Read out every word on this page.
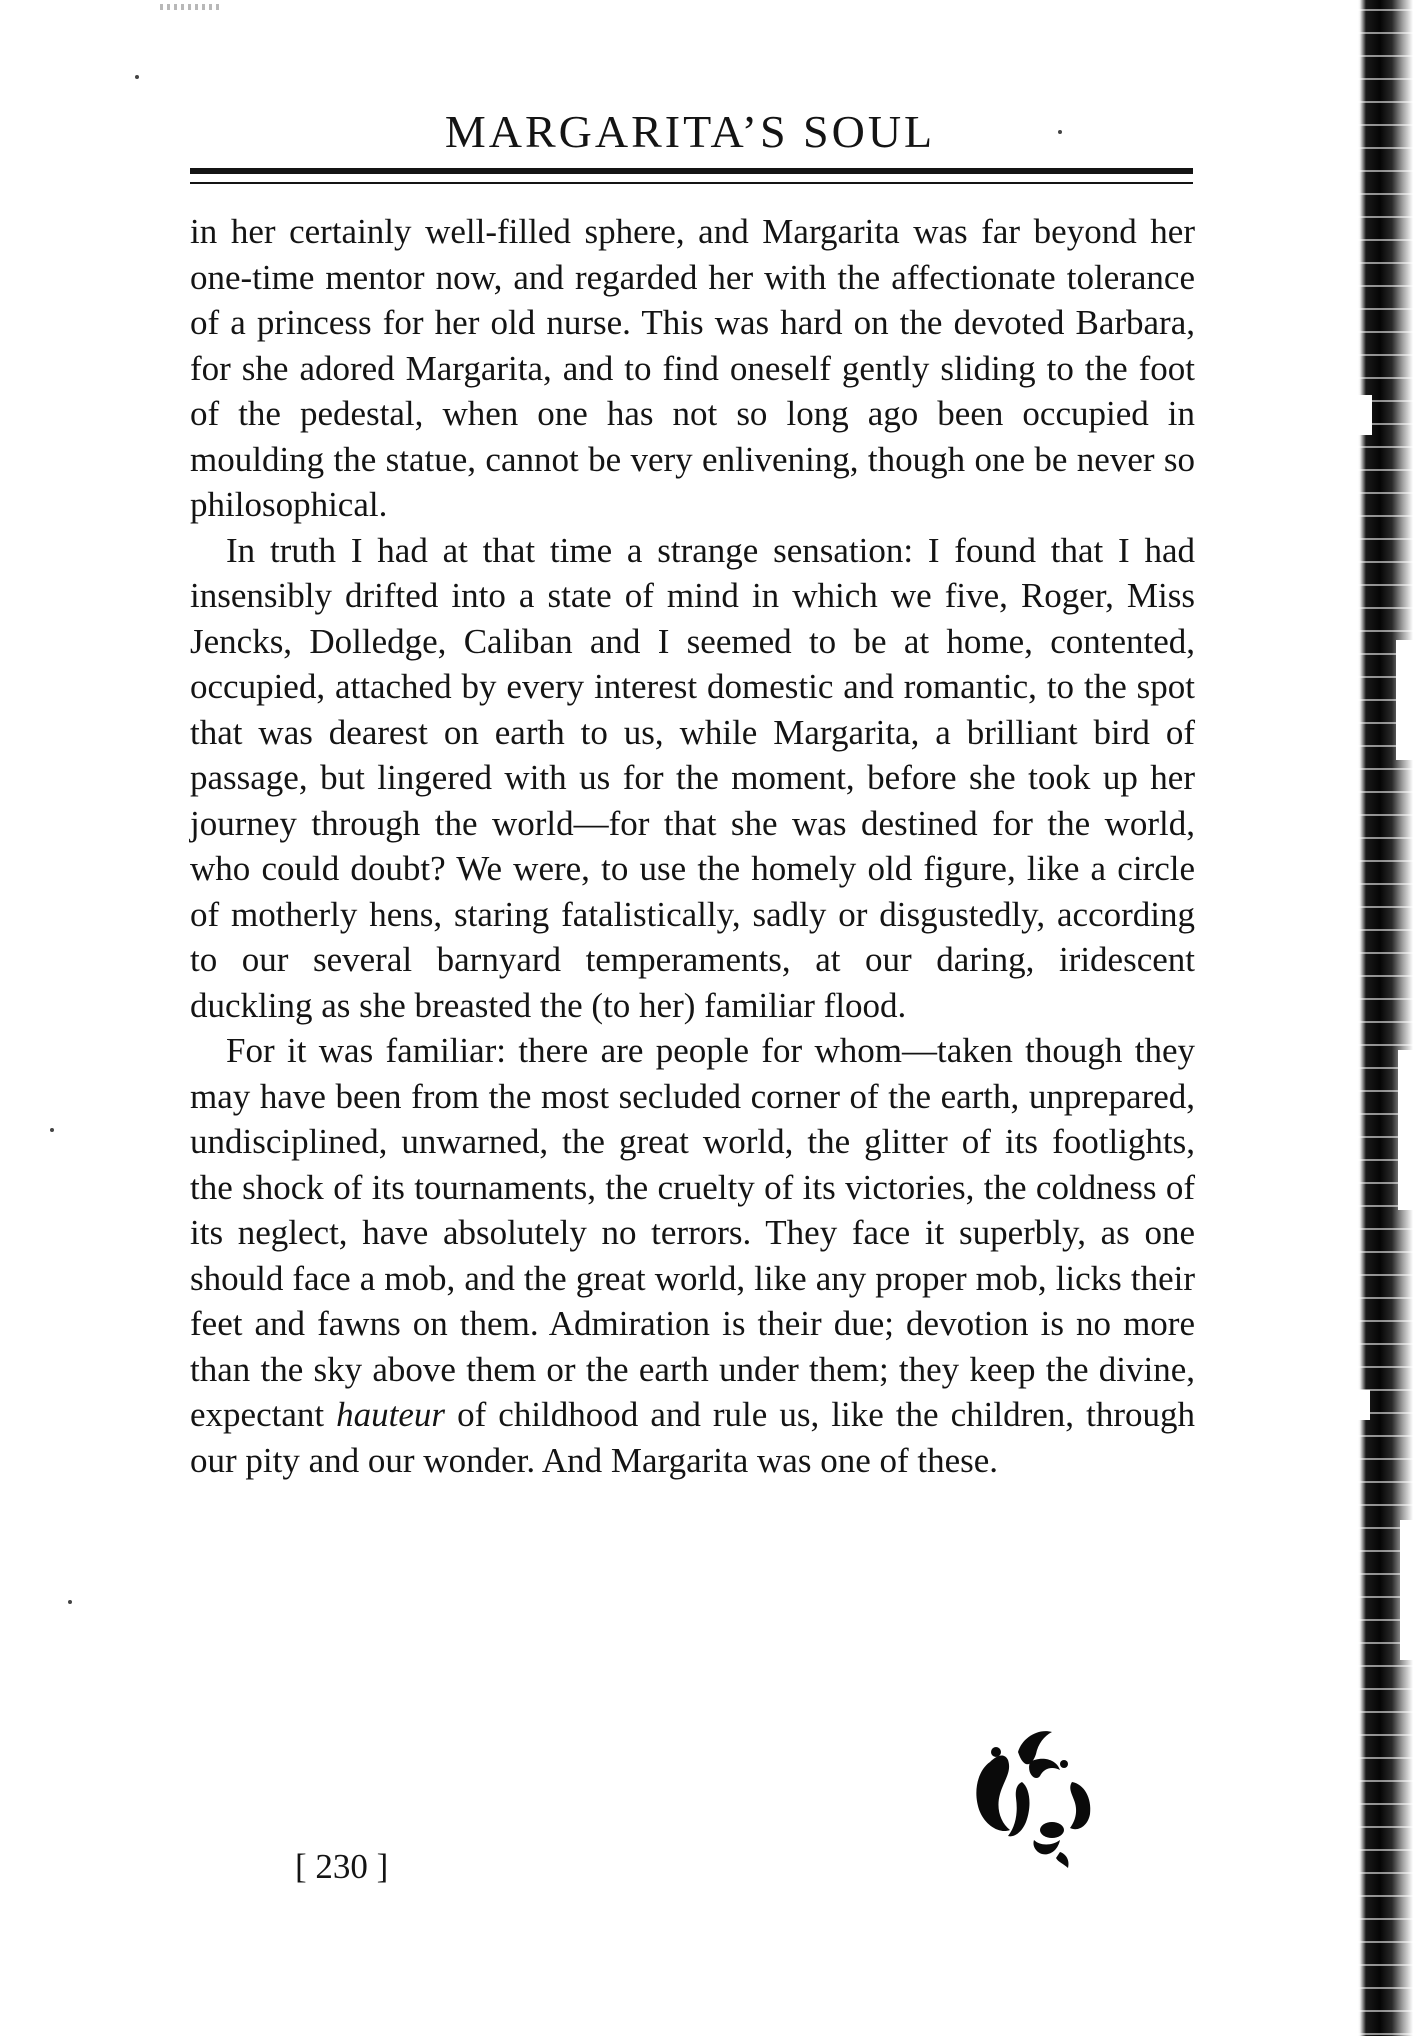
MARGARITA’S SOUL

in her certainly well-filled sphere, and Margarita was far beyond her one-time mentor now, and regarded her with the affectionate tolerance of a princess for her old nurse. This was hard on the devoted Barbara, for she adored Margarita, and to find oneself gently sliding to the foot of the pedestal, when one has not so long ago been occupied in moulding the statue, cannot be very enlivening, though one be never so philosophical.

In truth I had at that time a strange sensation: I found that I had insensibly drifted into a state of mind in which we five, Roger, Miss Jencks, Dolledge, Caliban and I seemed to be at home, contented, occupied, attached by every interest domestic and romantic, to the spot that was dearest on earth to us, while Margarita, a brilliant bird of passage, but lingered with us for the moment, before she took up her journey through the world—for that she was destined for the world, who could doubt? We were, to use the homely old figure, like a circle of motherly hens, staring fatalistically, sadly or disgustedly, according to our several barnyard temperaments, at our daring, iridescent duckling as she breasted the (to her) familiar flood.

For it was familiar: there are people for whom—taken though they may have been from the most secluded corner of the earth, unprepared, undisciplined, unwarned, the great world, the glitter of its footlights, the shock of its tournaments, the cruelty of its victories, the coldness of its neglect, have absolutely no terrors. They face it superbly, as one should face a mob, and the great world, like any proper mob, licks their feet and fawns on them. Admiration is their due; devotion is no more than the sky above them or the earth under them; they keep the divine, expectant hauteur of childhood and rule us, like the children, through our pity and our wonder. And Margarita was one of these.

[ 230 ]
